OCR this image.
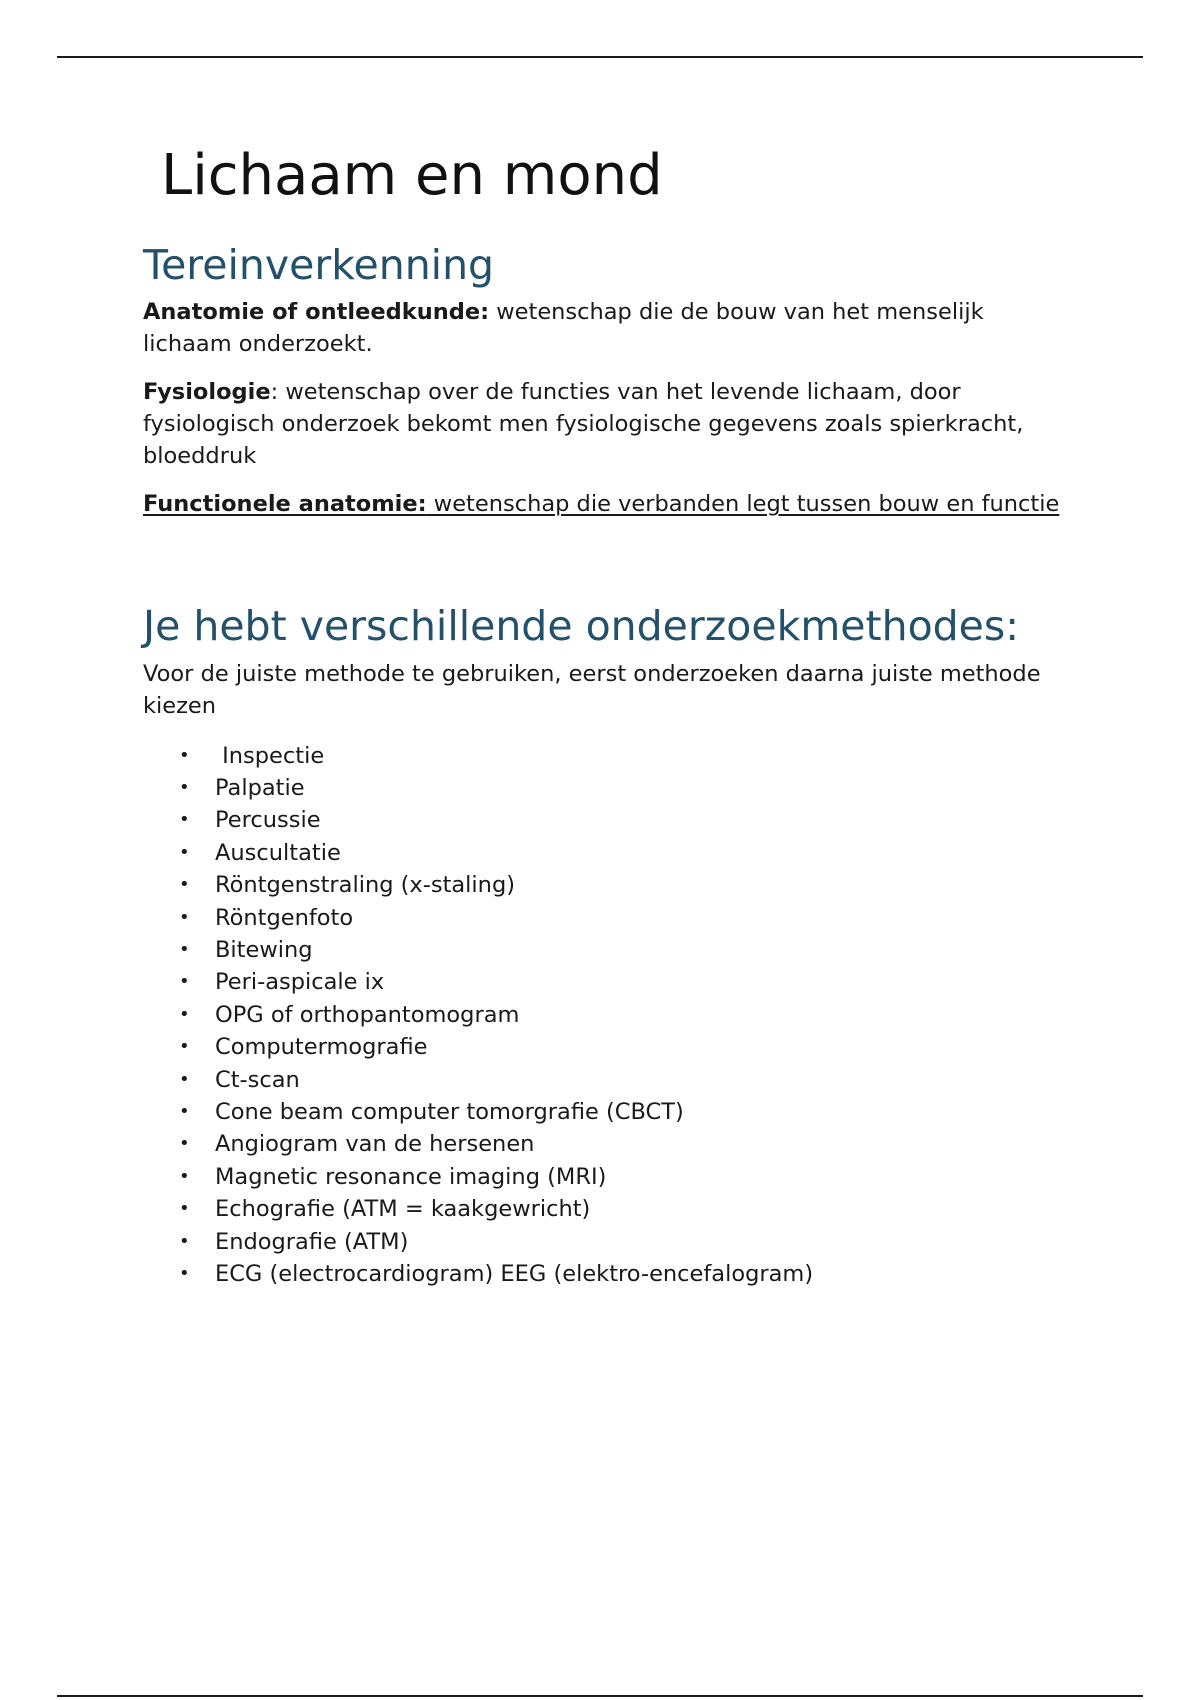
Lichaam en mond
Tereinverkenning

Anatomie of ontleedkunde: wetenschap die de bouw van het menselijk lichaam onderzoekt.

Fysiologie: wetenschap over de functies van het levende lichaam, door fysiologisch onderzoek bekomt men fysiologische gegevens zoals spierkracht, bloeddruk

Functionele anatomie: wetenschap die verbanden legt tussen bouw en functie

Je hebt verschillende onderzoekmethodes:

Voor de juiste methode te gebruiken, eerst onderzoeken daarna juiste methode kiezen

• Inspectie
• Palpatie
• Percussie
• Auscultatie
• Röntgenstraling (x-staling)
• Röntgenfoto
• Bitewing
• Peri-aspicale ix
• OPG of orthopantomogram
• Computermografie
• Ct-scan
• Cone beam computer tomorgrafie (CBCT)
• Angiogram van de hersenen
• Magnetic resonance imaging (MRI)
• Echografie (ATM = kaakgewricht)
• Endografie (ATM)
• ECG (electrocardiogram) EEG (elektro-encefalogram)
